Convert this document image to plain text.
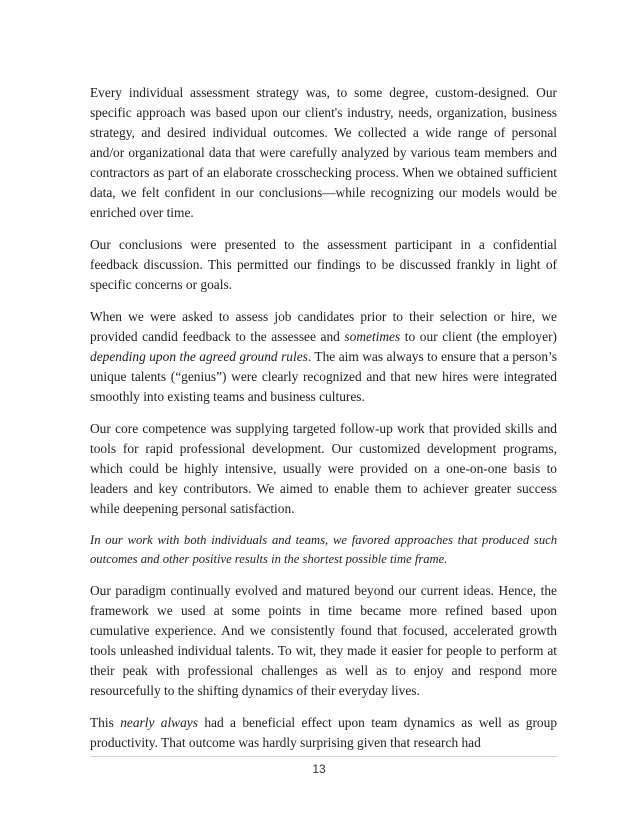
Every individual assessment strategy was, to some degree, custom-designed. Our specific approach was based upon our client's industry, needs, organization, business strategy, and desired individual outcomes. We collected a wide range of personal and/or organizational data that were carefully analyzed by various team members and contractors as part of an elaborate crosschecking process. When we obtained sufficient data, we felt confident in our conclusions—while recognizing our models would be enriched over time.

Our conclusions were presented to the assessment participant in a confidential feedback discussion. This permitted our findings to be discussed frankly in light of specific concerns or goals.

When we were asked to assess job candidates prior to their selection or hire, we provided candid feedback to the assessee and sometimes to our client (the employer) depending upon the agreed ground rules. The aim was always to ensure that a person’s unique talents (“genius”) were clearly recognized and that new hires were integrated smoothly into existing teams and business cultures.

Our core competence was supplying targeted follow-up work that provided skills and tools for rapid professional development. Our customized development programs, which could be highly intensive, usually were provided on a one-on-one basis to leaders and key contributors. We aimed to enable them to achiever greater success while deepening personal satisfaction.

In our work with both individuals and teams, we favored approaches that produced such outcomes and other positive results in the shortest possible time frame.

Our paradigm continually evolved and matured beyond our current ideas. Hence, the framework we used at some points in time became more refined based upon cumulative experience. And we consistently found that focused, accelerated growth tools unleashed individual talents. To wit, they made it easier for people to perform at their peak with professional challenges as well as to enjoy and respond more resourcefully to the shifting dynamics of their everyday lives.

This nearly always had a beneficial effect upon team dynamics as well as group productivity. That outcome was hardly surprising given that research had

13
